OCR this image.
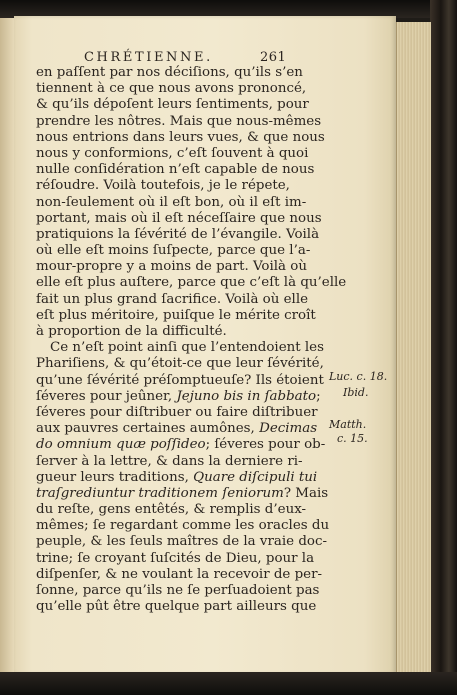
CHRÉTIENNE.	261
en paſſent par nos déciſions, qu’ils s’en
tiennent à ce que nous avons prononcé,
& qu’ils dépoſent leurs ſentiments, pour
prendre les nôtres. Mais que nous-mêmes
nous entrions dans leurs vues, & que nous
nous y conformions, c’eſt ſouvent à quoi
nulle conſidération n’eſt capable de nous
réſoudre. Voilà toutefois, je le répete,
non-ſeulement où il eſt bon, où il eſt im-
portant, mais où il eſt néceſſaire que nous
pratiquions la ſévérité de l’évangile. Voilà
où elle eſt moins ſuſpecte, parce que l’a-
mour-propre y a moins de part. Voilà où
elle eſt plus auſtere, parce que c’eſt là qu’elle
fait un plus grand ſacrifice. Voilà où elle
eſt plus méritoire, puiſque le mérite croît
à proportion de la difficulté.
Ce n’eſt point ainſi que l’entendoient les
Phariſiens, & qu’étoit-ce que leur ſévérité,
qu’une ſévérité préſomptueuſe? Ils étoient
ſéveres pour jeûner, Jejuno bis in ſabbato;
ſéveres pour diſtribuer ou faire diſtribuer
aux pauvres certaines aumônes, Decimas
do omnium quæ poſſideo; ſéveres pour ob-
ſerver à la lettre, & dans la derniere ri-
gueur leurs traditions, Quare diſcipuli tui
traſgrediuntur traditionem ſeniorum? Mais
du reſte, gens entêtés, & remplis d’eux-
mêmes; ſe regardant comme les oracles du
peuple, & les ſeuls maîtres de la vraie doc-
trine; ſe croyant ſuſcités de Dieu, pour la
diſpenſer, & ne voulant la recevoir de per-
ſonne, parce qu’ils ne ſe perſuadoient pas
qu’elle pût être quelque part ailleurs que
Luc. c. 18.
Ibid.
Matth.
c. 15.
